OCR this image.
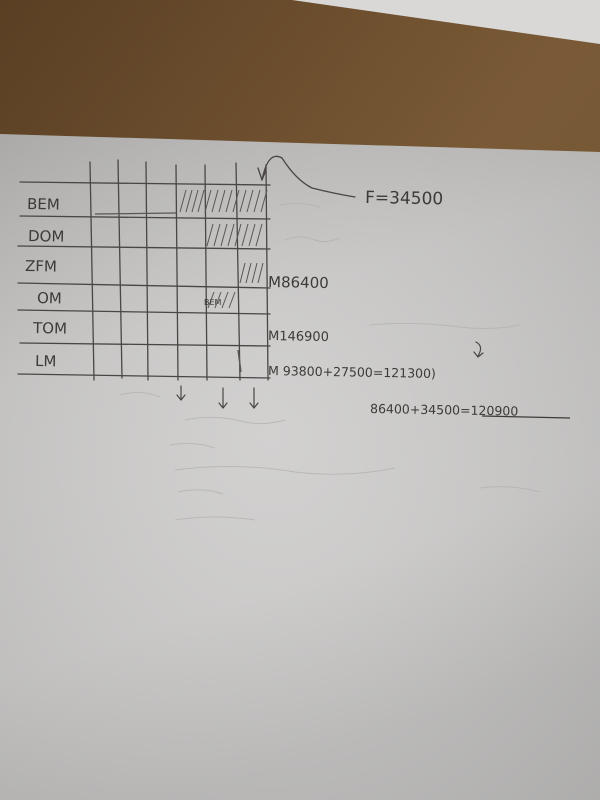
BEM
DOM
ZFM
OM
TOM
LM
F=34500
BEM
M86400
M146900
M 93800+27500=121300)
86400+34500=120900
